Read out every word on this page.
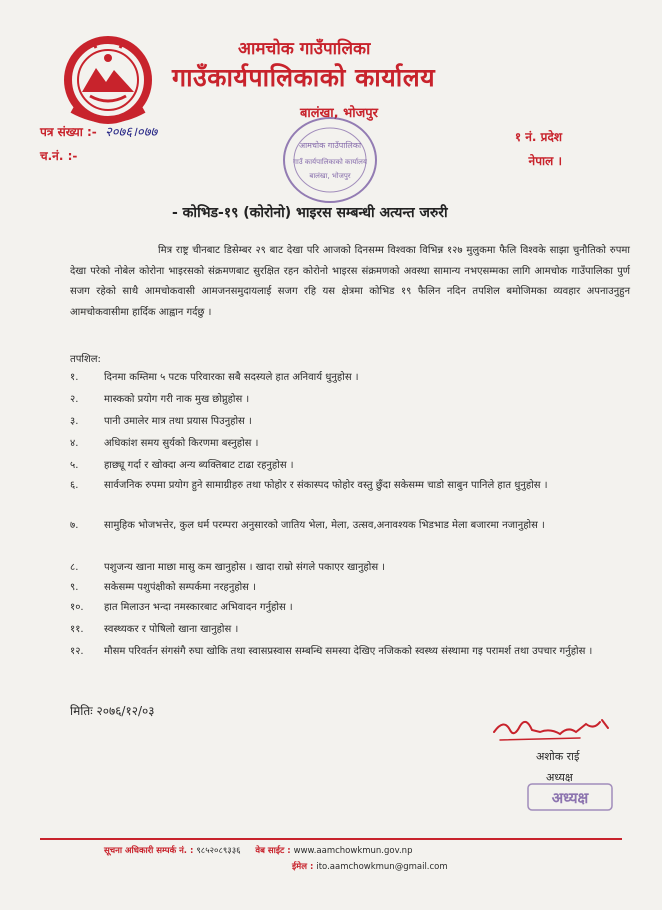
आमचोक गाउँपालिका
गाउँकार्यपालिकाको कार्यालय
बालंखा, भोजपुर
पत्र संख्या :- २०७६।०७७
च.नं. :-
१ नं. प्रदेश
नेपाल ।
आमचोक गाउँपालिका
गाउँ कार्यपालिकाको कार्यालय
बालंखा, भोजपुर
- कोभिड-१९ (कोरोनो) भाइरस सम्बन्धी अत्यन्त जरुरी
मित्र राष्ट्र चीनबाट डिसेम्बर २९ बाट देखा परि आजको दिनसम्म विश्वका विभिन्न १२७ मुलुकमा फैलि विश्वके साझा चुनौतिको रुपमा देखा परेको नोबेल कोरोना भाइरसको संक्रमणबाट सुरक्षित रहन कोरोनो भाइरस संक्रमणको अवस्था सामान्य नभएसम्मका लागि आमचोक गाउँपालिका पुर्ण सजग रहेको साथै आमचोकवासी आमजनसमुदायलाई सजग रहि यस क्षेत्रमा कोभिड १९ फैलिन नदिन तपशिल बमोजिमका व्यवहार अपनाउनुहुन आमचोकवासीमा हार्दिक आह्वान गर्दछु ।
तपशिल:
१.	दिनमा कम्तिमा ५ पटक परिवारका सबै सदस्यले हात अनिवार्य धुनुहोस ।
२.	मास्कको प्रयोग गरी नाक मुख छोप्नुहोस ।
३.	पानी उमालेर मात्र तथा प्रयास पिउनुहोस ।
४.	अधिकांश समय सुर्यको किरणमा बस्नुहोस ।
५.	हाछ्यू गर्दा र खोक्दा अन्य ब्यक्तिबाट टाढा रहनुहोस ।
६.	सार्वजनिक रुपमा प्रयोग हुने सामाग्रीहरु तथा फोहोर र संकास्पद फोहोर वस्तु छुँदा सकेसम्म चाडो साबुन पानिले हात धुनुहोस ।
७.	सामुहिक भोजभत्तेर, कुल धर्म परम्परा अनुसारको जातिय भेला, मेला, उत्सव,अनावश्यक भिडभाड मेला बजारमा नजानुहोस ।
८.	पशुजन्य खाना माछा मासु कम खानुहोस । खादा राम्रो संगले पकाएर खानुहोस ।
९.	सकेसम्म पशुपंक्षीको सम्पर्कमा नरहनुहोस ।
१०.	हात मिलाउन भन्दा नमस्कारबाट अभिवादन गर्नुहोस ।
११.	स्वस्थ्यकर र पोषिलो खाना खानुहोस ।
१२.	मौसम परिवर्तन संगसंगै रुघा खोकि तथा स्वासप्रस्वास सम्बन्धि समस्या देखिए नजिकको स्वस्थ्य संस्थामा गइ परामर्श तथा उपचार गर्नुहोस ।
मितिः २०७६/१२/०३
अशोक राई
अध्यक्ष
अध्यक्ष
सूचना अधिकारी सम्पर्क नं. : ९८५२०८९३३६ वेब साईट : www.aamchowkmun.gov.np
ईमेल : ito.aamchowkmun@gmail.com
